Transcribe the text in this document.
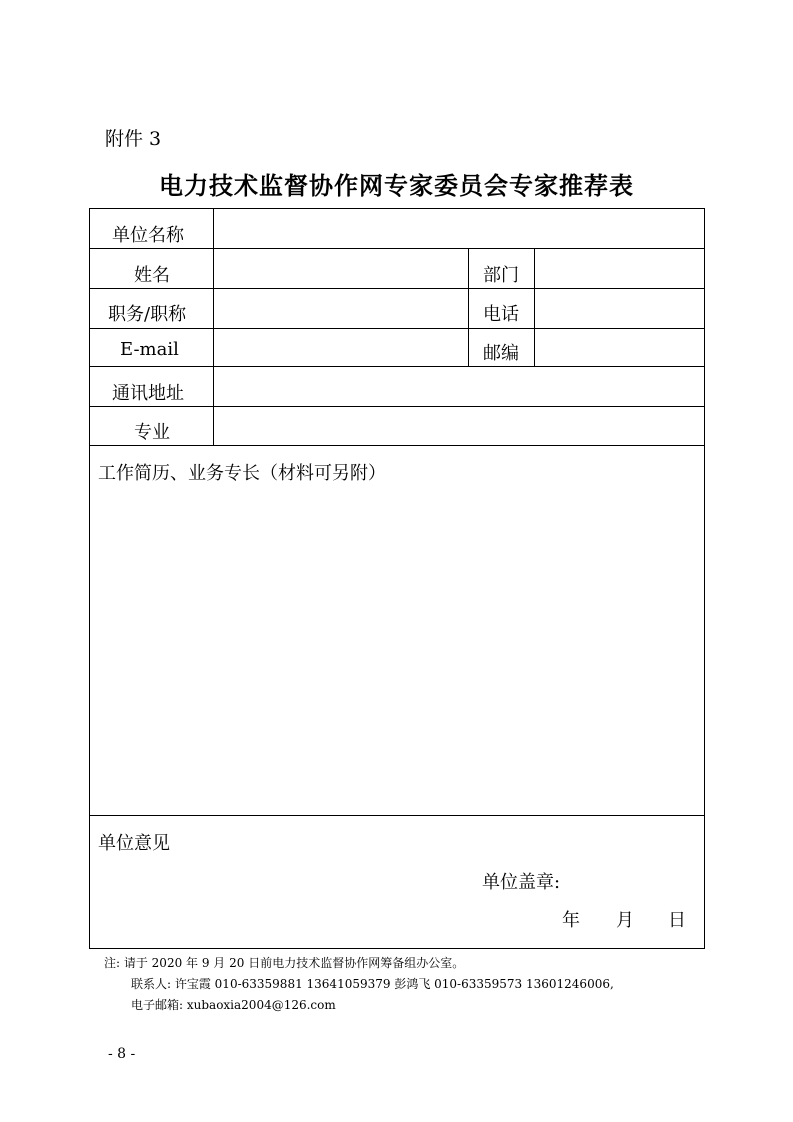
附件 3
电力技术监督协作网专家委员会专家推荐表
单位名称
姓名	部门
职务/职称	电话
E-mail	邮编
通讯地址
专业
工作简历、业务专长（材料可另附）
单位意见
单位盖章:
年 月 日
注: 请于 2020 年 9 月 20 日前电力技术监督协作网筹备组办公室。
联系人: 许宝霞 010-63359881 13641059379 彭鸿飞 010-63359573 13601246006,
电子邮箱: xubaoxia2004@126.com
- 8 -
